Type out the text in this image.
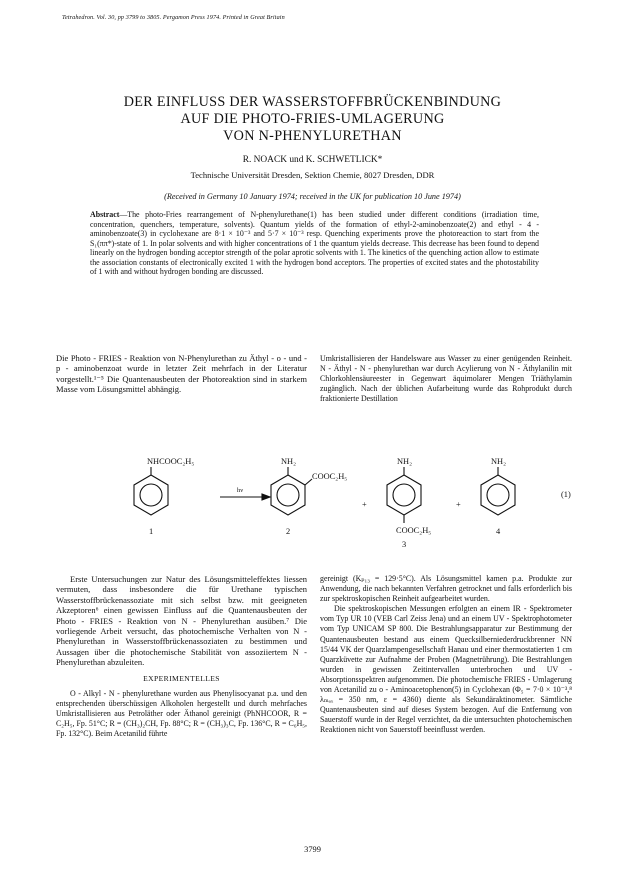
Tetrahedron. Vol. 30, pp 3799 to 3805. Pergamon Press 1974. Printed in Great Britain
DER EINFLUSS DER WASSERSTOFFBRÜCKENBINDUNG
AUF DIE PHOTO-FRIES-UMLAGERUNG
VON N-PHENYLURETHAN
R. NOACK und K. SCHWETLICK*
Technische Universität Dresden, Sektion Chemie, 8027 Dresden, DDR
(Received in Germany 10 January 1974; received in the UK for publication 10 June 1974)
Abstract—The photo-Fries rearrangement of N-phenylurethane(1) has been studied under different conditions (irradiation time, concentration, quenchers, temperature, solvents). Quantum yields of the formation of ethyl-2-aminobenzoate(2) and ethyl - 4 - aminobenzoate(3) in cyclohexane are 8·1 × 10⁻³ and 5·7 × 10⁻³ resp. Quenching experiments prove the photoreaction to start from the S₁(ππ*)-state of 1. In polar solvents and with higher concentrations of 1 the quantum yields decrease. This decrease has been found to depend linearly on the hydrogen bonding acceptor strength of the polar aprotic solvents with 1. The kinetics of the quenching action allow to estimate the association constants of electronically excited 1 with the hydrogen bond acceptors. The properties of excited states and the photostability of 1 with and without hydrogen bonding are discussed.

Die Photo - FRIES - Reaktion von N-Phenylurethan zu Äthyl - o - und - p - aminobenzoat wurde in letzter Zeit mehrfach in der Literatur vorgestellt.¹⁻⁵ Die Quantenausbeuten der Photoreaktion sind in starkem Masse vom Lösungsmittel abhängig.

Umkristallisieren der Handelsware aus Wasser zu einer genügenden Reinheit. N - Äthyl - N - phenylurethan war durch Acylierung von N - Äthylanilin mit Chlorkohlensäureester in Gegenwart äquimolarer Mengen Triäthylamin zugänglich. Nach der üblichen Aufarbeitung wurde das Rohprodukt durch fraktionierte Destillation

NHCOOC₂H₅
hν
NH₂
COOC₂H₅
+
NH₂
COOC₂H₅
+
NH₂
1	2
3
4
(1)

Erste Untersuchungen zur Natur des Lösungsmitteleffektes liessen vermuten, dass insbesondere die für Urethane typischen Wasserstoffbrückenassoziate mit sich selbst bzw. mit geeigneten Akzeptoren⁶ einen gewissen Einfluss auf die Quantenausbeuten der Photo - FRIES - Reaktion von N - Phenylurethan ausüben.⁷ Die vorliegende Arbeit versucht, das photochemische Verhalten von N - Phenylurethan in Wasserstoffbrückenassoziaten zu bestimmen und Aussagen über die photochemische Stabilität von assoziiertem N - Phenylurethan abzuleiten.

EXPERIMENTELLES

O - Alkyl - N - phenylurethane wurden aus Phenylisocyanat p.a. und den entsprechenden überschüssigen Alkoholen hergestellt und durch mehrfaches Umkristallisieren aus Petroläther oder Äthanol gereinigt (PhNHCOOR, R = C₂H₅, Fp. 51°C; R = (CH₃)₂CH, Fp. 88°C; R = (CH₃)₃C, Fp. 136°C, R = C₆H₅, Fp. 132°C). Beim Acetanilid führte

gereinigt (Kₚ₁₃ = 129·5°C). Als Lösungsmittel kamen p.a. Produkte zur Anwendung, die nach bekannten Verfahren getrocknet und falls erforderlich bis zur spektroskopischen Reinheit aufgearbeitet wurden.

Die spektroskopischen Messungen erfolgten an einem IR - Spektrometer vom Typ UR 10 (VEB Carl Zeiss Jena) und an einem UV - Spektrophotometer vom Typ UNICAM SP 800. Die Bestrahlungsapparatur zur Bestimmung der Quantenausbeuten bestand aus einem Quecksilberniederdruckbrenner NN 15/44 VK der Quarzlampengesellschaft Hanau und einer thermostatierten 1 cm Quarzküvette zur Aufnahme der Proben (Magnetrührung). Die Bestrahlungen wurden in gewissen Zeitintervallen unterbrochen und UV - Absorptionsspektren aufgenommen. Die photochemische FRIES - Umlagerung von Acetanilid zu o - Aminoacetophenon(5) in Cyclohexan (Φ₅ = 7·0 × 10⁻³,⁸ λₘₐₓ = 350 nm, ε = 4360) diente als Sekundäraktinometer. Sämtliche Quantenausbeuten sind auf dieses System bezogen. Auf die Entfernung von Sauerstoff wurde in der Regel verzichtet, da die untersuchten photochemischen Reaktionen nicht von Sauerstoff beeinflusst werden.

3799
